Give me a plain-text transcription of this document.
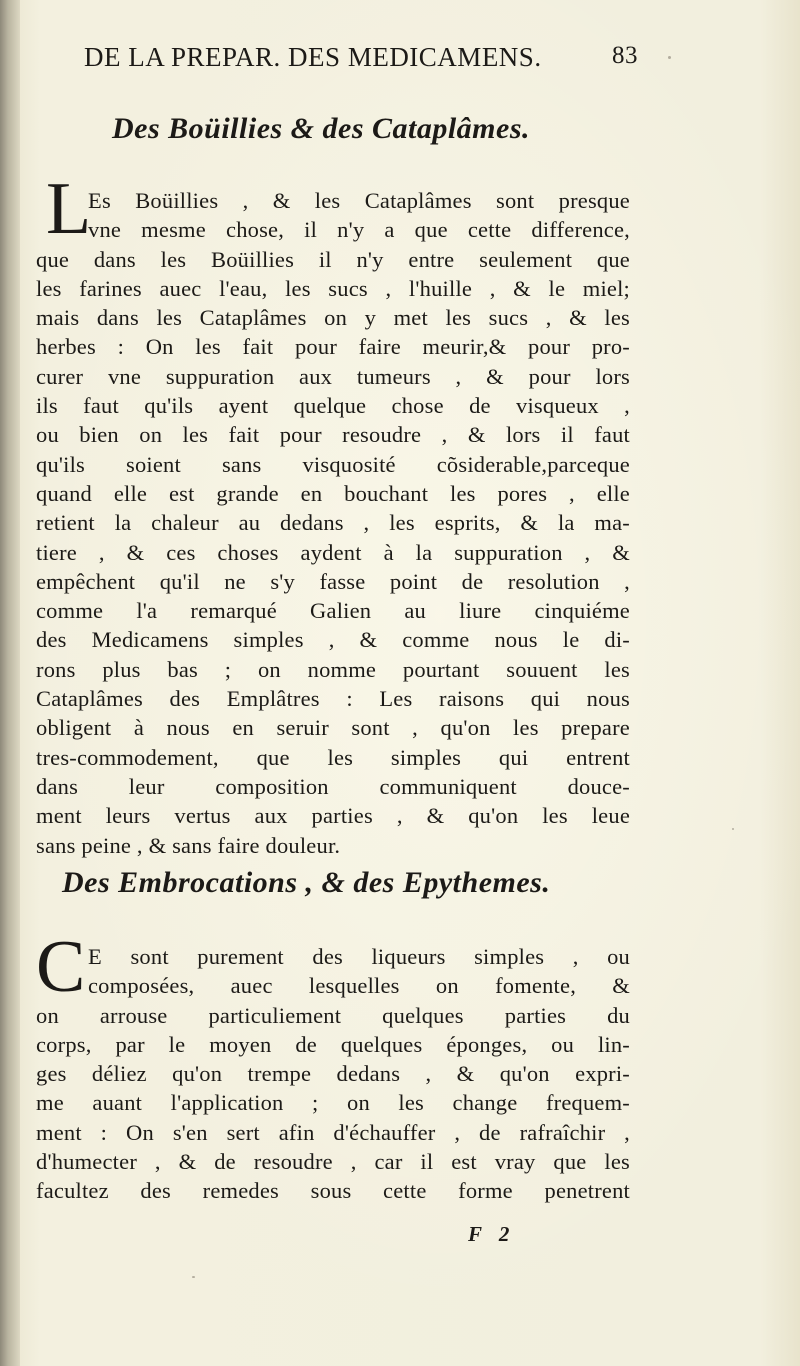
DE LA PREPAR. DES MEDICAMENS.	83
Des Boüillies & des Cataplâmes.
L
Es Boüillies , & les Cataplâmes sont presque
vne mesme chose, il n'y a que cette difference,
que dans les Boüillies il n'y entre seulement que
les farines auec l'eau, les sucs , l'huille , & le miel;
mais dans les Cataplâmes on y met les sucs , & les
herbes : On les fait pour faire meurir,& pour pro-
curer vne suppuration aux tumeurs , & pour lors
ils faut qu'ils ayent quelque chose de visqueux ,
ou bien on les fait pour resoudre , & lors il faut
qu'ils soient sans visquosité cõsiderable,parceque
quand elle est grande en bouchant les pores , elle
retient la chaleur au dedans , les esprits, & la ma-
tiere , & ces choses aydent à la suppuration , &
empêchent qu'il ne s'y fasse point de resolution ,
comme l'a remarqué Galien au liure cinquiéme
des Medicamens simples , & comme nous le di-
rons plus bas ; on nomme pourtant souuent les
Cataplâmes des Emplâtres : Les raisons qui nous
obligent à nous en seruir sont , qu'on les prepare
tres-commodement, que les simples qui entrent
dans leur composition communiquent douce-
ment leurs vertus aux parties , & qu'on les leue
sans peine , & sans faire douleur.
Des Embrocations , & des Epythemes.
C E sont purement des liqueurs simples , ou
composées, auec lesquelles on fomente, &
on arrouse particuliement quelques parties du
corps, par le moyen de quelques éponges, ou lin-
ges déliez qu'on trempe dedans , & qu'on expri-
me auant l'application ; on les change frequem-
ment : On s'en sert afin d'échauffer , de rafraîchir ,
d'humecter , & de resoudre , car il est vray que les
facultez des remedes sous cette forme penetrent
F 2
